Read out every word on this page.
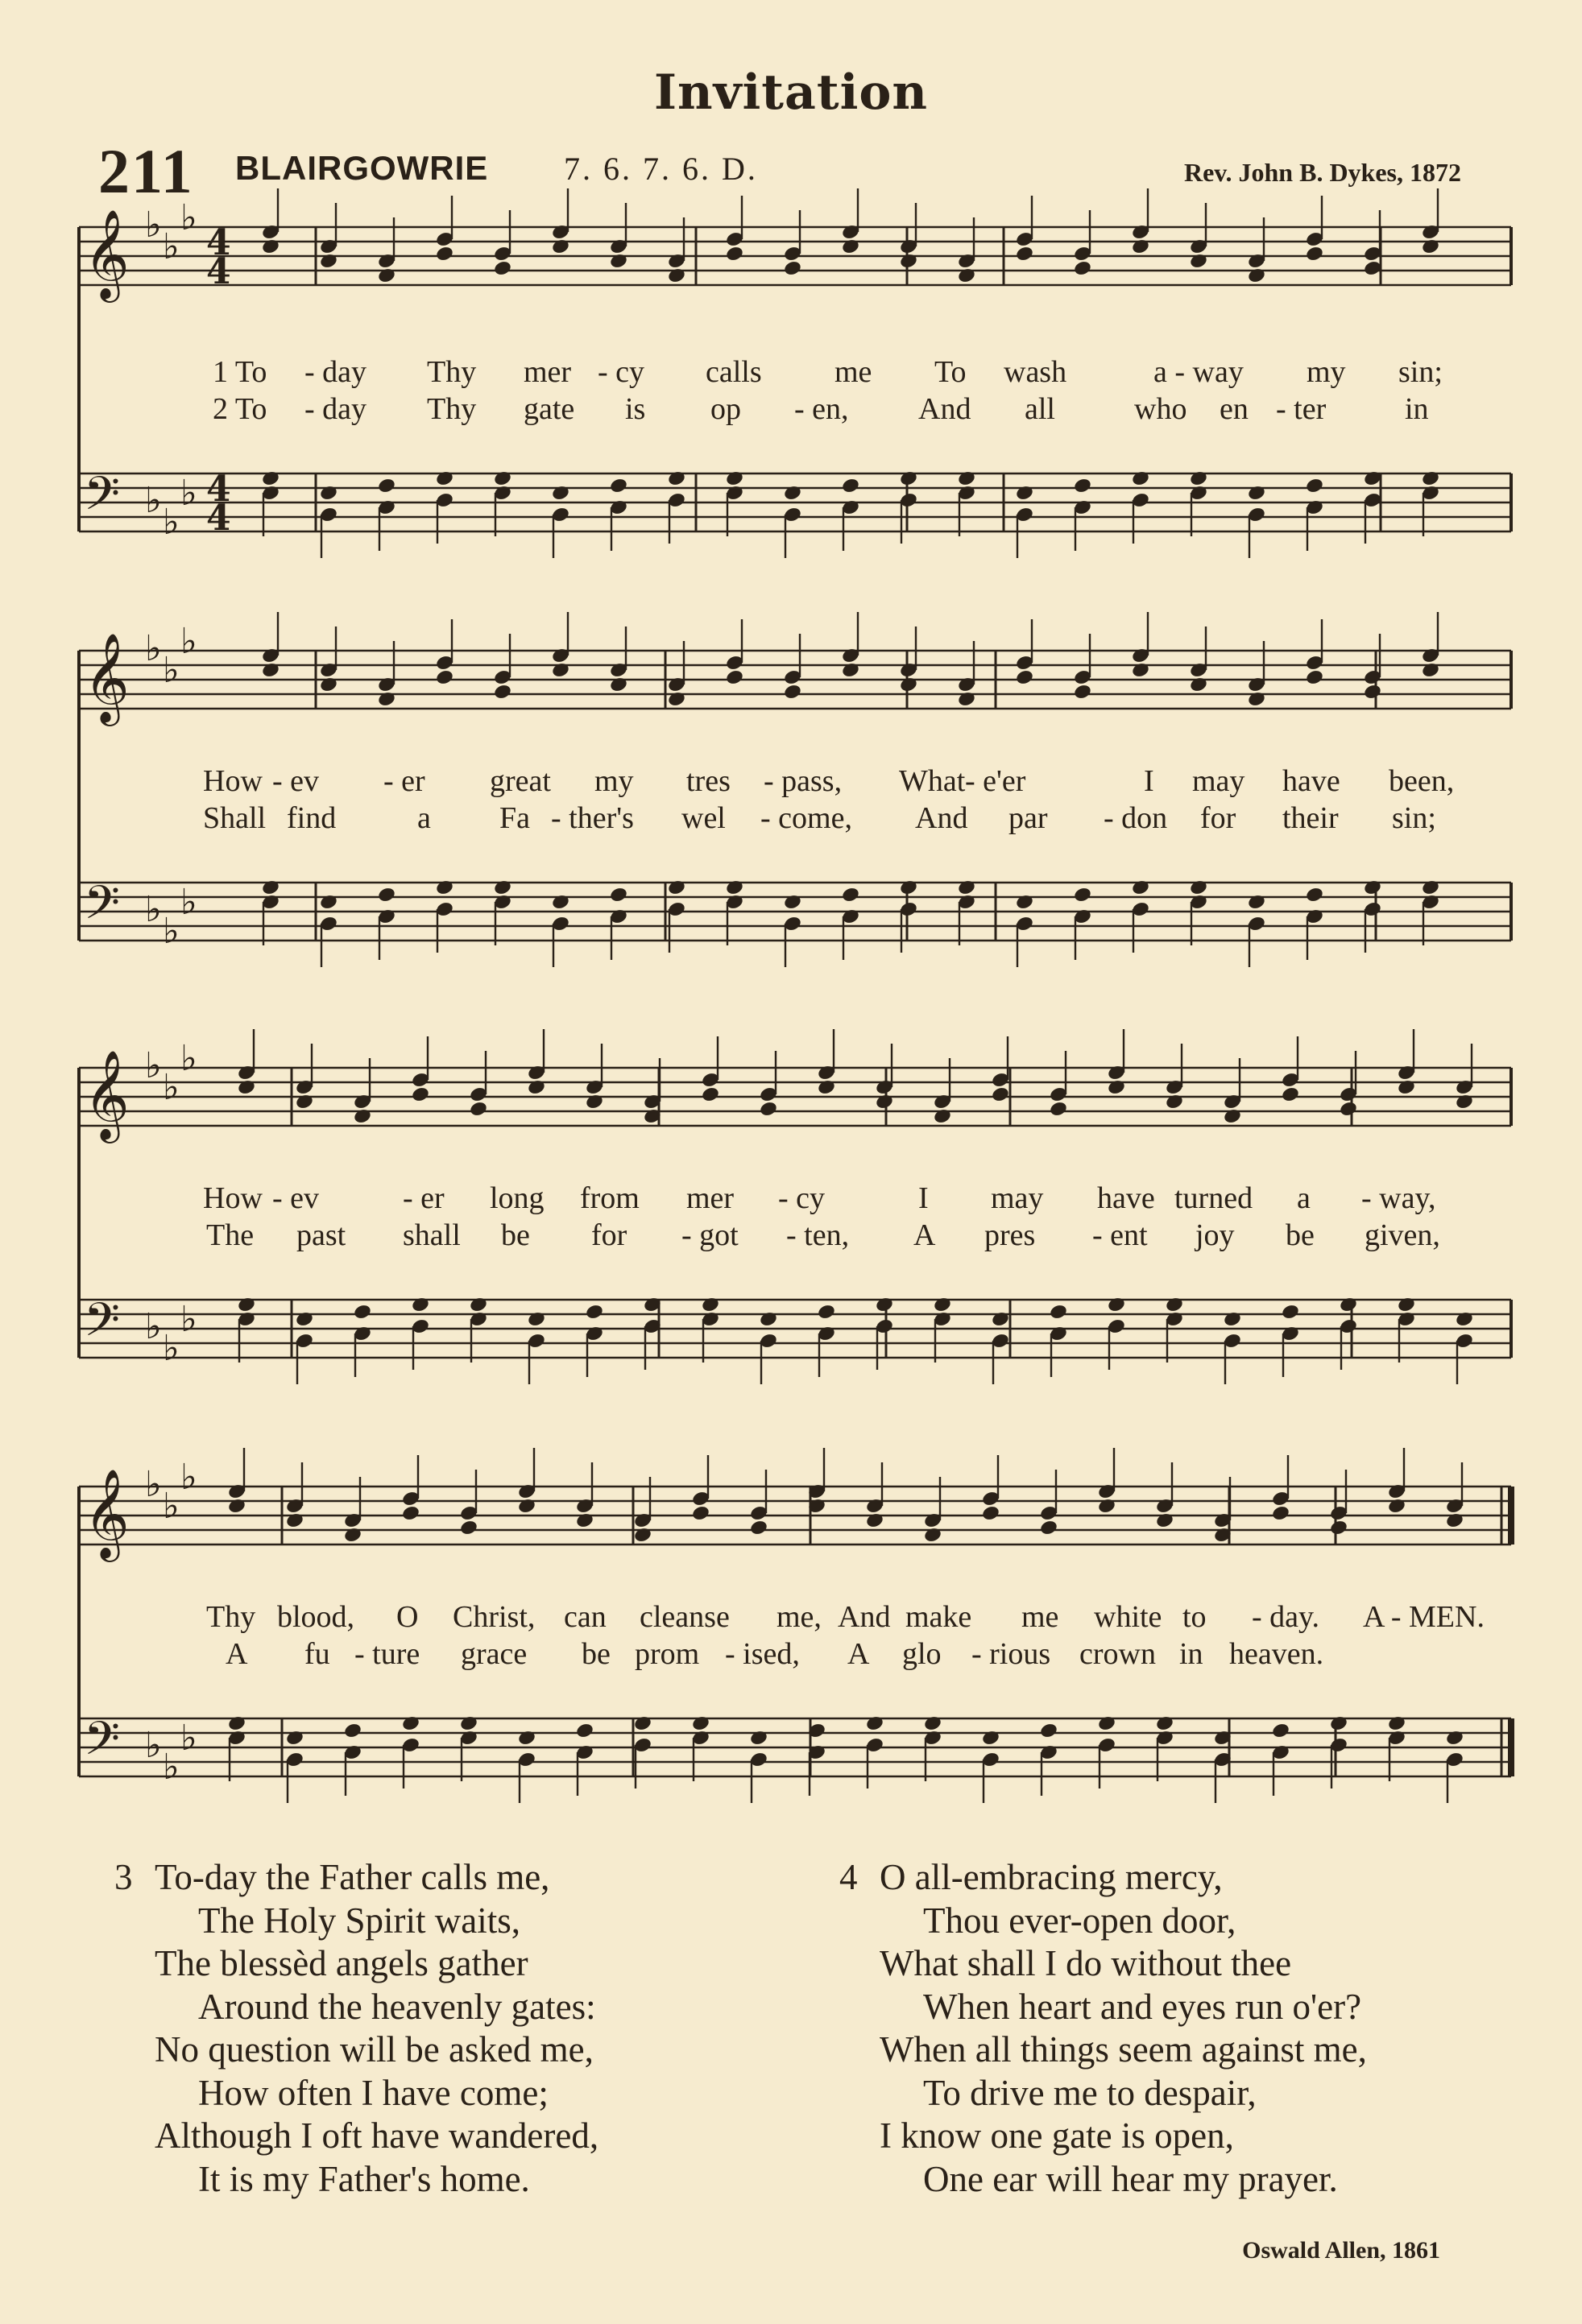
Invitation
211 BLAIRGOWRIE 7. 6. 7. 6. D.	Rev. John B. Dykes, 1872
𝄞 ♭
♭
♭
4
4
𝄢 ♭
♭
♭ 4
4
𝄞 ♭
♭
♭
𝄢 ♭
♭
♭
𝄞 ♭
♭
♭
𝄢 ♭
♭
♭
𝄞 ♭
♭
♭
𝄢 ♭
♭
♭
1 To - day Thy mer - cy calls me To wash	a - way my sin;
2 To - day Thy gate is op - en, And all	who en - ter	in
How - ev - er great my tres - pass, What - e'er	I may have been,
Shall find	a Fa - ther's wel - come, And par - don for their sin;
How - ev	- er long from mer - cy	I may have turned a - way,
The past shall be for - got - ten, A pres - ent joy be given,
Thy blood, O Christ, can cleanse me, And make me white to - day. A - MEN.
A fu - ture grace be prom - ised, A glo - rious crown in heaven.
3 To-day the Father calls me,
The Holy Spirit waits,
The blessèd angels gather
Around the heavenly gates:
No question will be asked me,
How often I have come;
Although I oft have wandered,
It is my Father's home.
4 O all-embracing mercy,
Thou ever-open door,
What shall I do without thee
When heart and eyes run o'er?
When all things seem against me,
To drive me to despair,
I know one gate is open,
One ear will hear my prayer.
Oswald Allen, 1861
